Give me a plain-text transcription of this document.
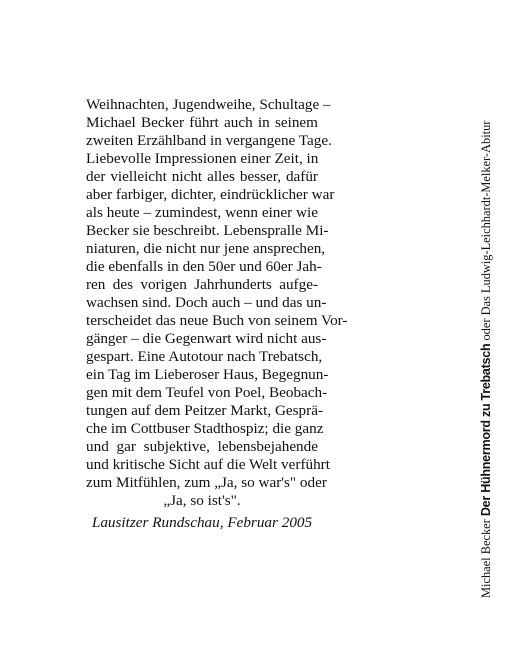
Weihnachten, Jugendweihe, Schultage –
Michael Becker führt auch in seinem
zweiten Erzählband in vergangene Tage.
Liebevolle Impressionen einer Zeit, in
der vielleicht nicht alles besser, dafür
aber farbiger, dichter, eindrücklicher war
als heute – zumindest, wenn einer wie
Becker sie beschreibt. Lebenspralle Mi-
niaturen, die nicht nur jene ansprechen,
die ebenfalls in den 50er und 60er Jah-
ren des vorigen Jahrhunderts aufge-
wachsen sind. Doch auch – und das un-
terscheidet das neue Buch von seinem Vor-
gänger – die Gegenwart wird nicht aus-
gespart. Eine Autotour nach Trebatsch,
ein Tag im Lieberoser Haus, Begegnun-
gen mit dem Teufel von Poel, Beobach-
tungen auf dem Peitzer Markt, Gesprä-
che im Cottbuser Stadthospiz; die ganz
und gar subjektive, lebensbejahende
und kritische Sicht auf die Welt verführt
zum Mitfühlen, zum „Ja, so war's" oder
„Ja, so ist's".

Lausitzer Rundschau, Februar 2005	Michael Becker Der Hühnermord zu Trebatsch oder Das Ludwig-Leichhardt-Melker-Abitur
